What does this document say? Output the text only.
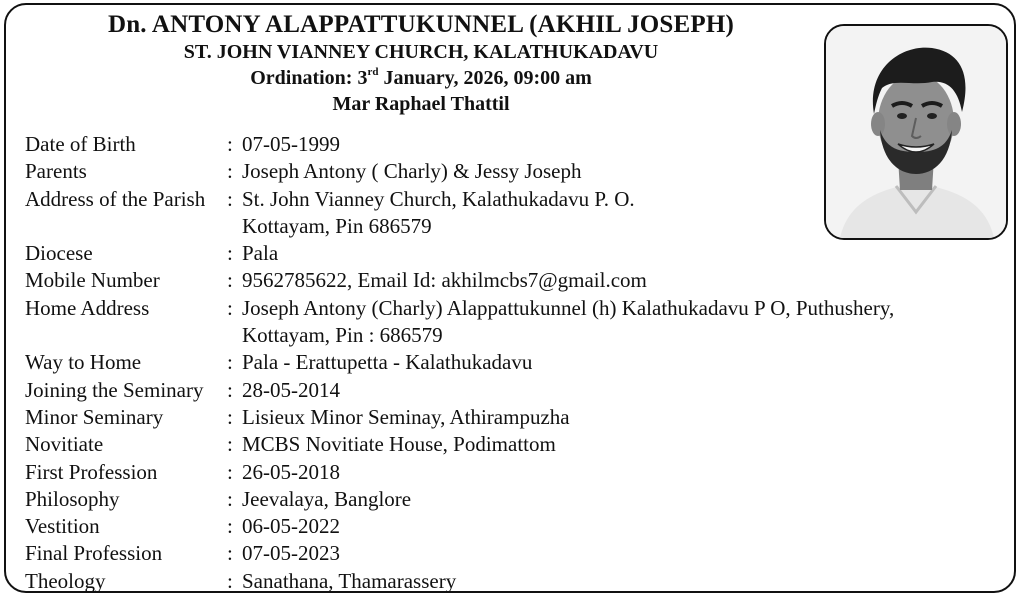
Dn. ANTONY ALAPPATTUKUNNEL (AKHIL JOSEPH)
ST. JOHN VIANNEY CHURCH, KALATHUKADAVU
Ordination: 3rd January, 2026, 09:00 am
Mar Raphael Thattil
Date of Birth	: 07-05-1999
Parents	: Joseph Antony ( Charly) & Jessy Joseph
Address of the Parish	: St. John Vianney Church, Kalathukadavu P. O.
Kottayam, Pin 686579
Diocese	: Pala
Mobile Number	: 9562785622, Email Id: akhilmcbs7@gmail.com
Home Address	: Joseph Antony (Charly) Alappattukunnel (h) Kalathukadavu P O, Puthushery,
Kottayam, Pin : 686579
Way to Home	: Pala - Erattupetta - Kalathukadavu
Joining the Seminary	: 28-05-2014
Minor Seminary	: Lisieux Minor Seminay, Athirampuzha
Novitiate	: MCBS Novitiate House, Podimattom
First Profession	: 26-05-2018
Philosophy	: Jeevalaya, Banglore
Vestition	: 06-05-2022
Final Profession	: 07-05-2023
Theology	: Sanathana, Thamarassery
